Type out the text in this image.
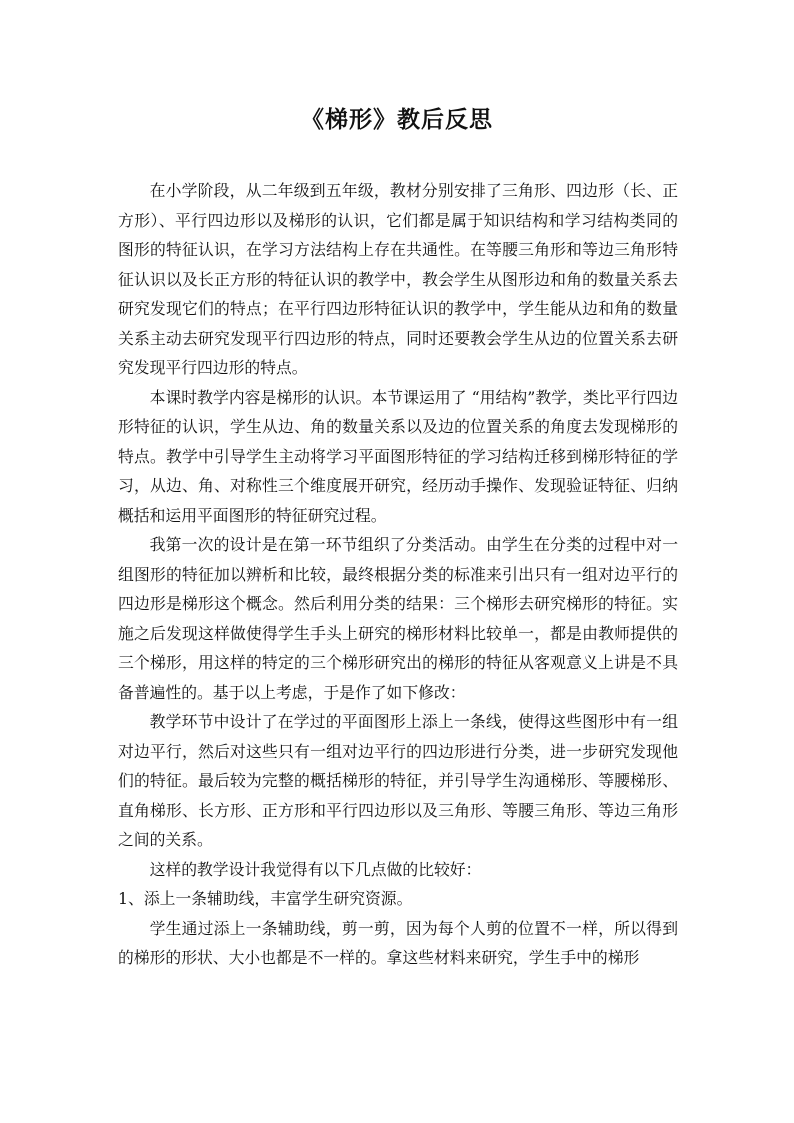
《梯形》教后反思

在小学阶段，从二年级到五年级，教材分别安排了三角形、四边形（长、正方形）、平行四边形以及梯形的认识，它们都是属于知识结构和学习结构类同的图形的特征认识，在学习方法结构上存在共通性。在等腰三角形和等边三角形特征认识以及长正方形的特征认识的教学中，教会学生从图形边和角的数量关系去研究发现它们的特点；在平行四边形特征认识的教学中，学生能从边和角的数量关系主动去研究发现平行四边形的特点，同时还要教会学生从边的位置关系去研究发现平行四边形的特点。

本课时教学内容是梯形的认识。本节课运用了 “用结构”教学，类比平行四边形特征的认识，学生从边、角的数量关系以及边的位置关系的角度去发现梯形的特点。教学中引导学生主动将学习平面图形特征的学习结构迁移到梯形特征的学习，从边、角、对称性三个维度展开研究，经历动手操作、发现验证特征、归纳概括和运用平面图形的特征研究过程。

我第一次的设计是在第一环节组织了分类活动。由学生在分类的过程中对一组图形的特征加以辨析和比较，最终根据分类的标准来引出只有一组对边平行的四边形是梯形这个概念。然后利用分类的结果：三个梯形去研究梯形的特征。实施之后发现这样做使得学生手头上研究的梯形材料比较单一，都是由教师提供的三个梯形，用这样的特定的三个梯形研究出的梯形的特征从客观意义上讲是不具备普遍性的。基于以上考虑，于是作了如下修改：

教学环节中设计了在学过的平面图形上添上一条线，使得这些图形中有一组对边平行，然后对这些只有一组对边平行的四边形进行分类，进一步研究发现他们的特征。最后较为完整的概括梯形的特征，并引导学生沟通梯形、等腰梯形、直角梯形、长方形、正方形和平行四边形以及三角形、等腰三角形、等边三角形之间的关系。

这样的教学设计我觉得有以下几点做的比较好：

1、添上一条辅助线，丰富学生研究资源。

学生通过添上一条辅助线，剪一剪，因为每个人剪的位置不一样，所以得到的梯形的形状、大小也都是不一样的。拿这些材料来研究，学生手中的梯形
